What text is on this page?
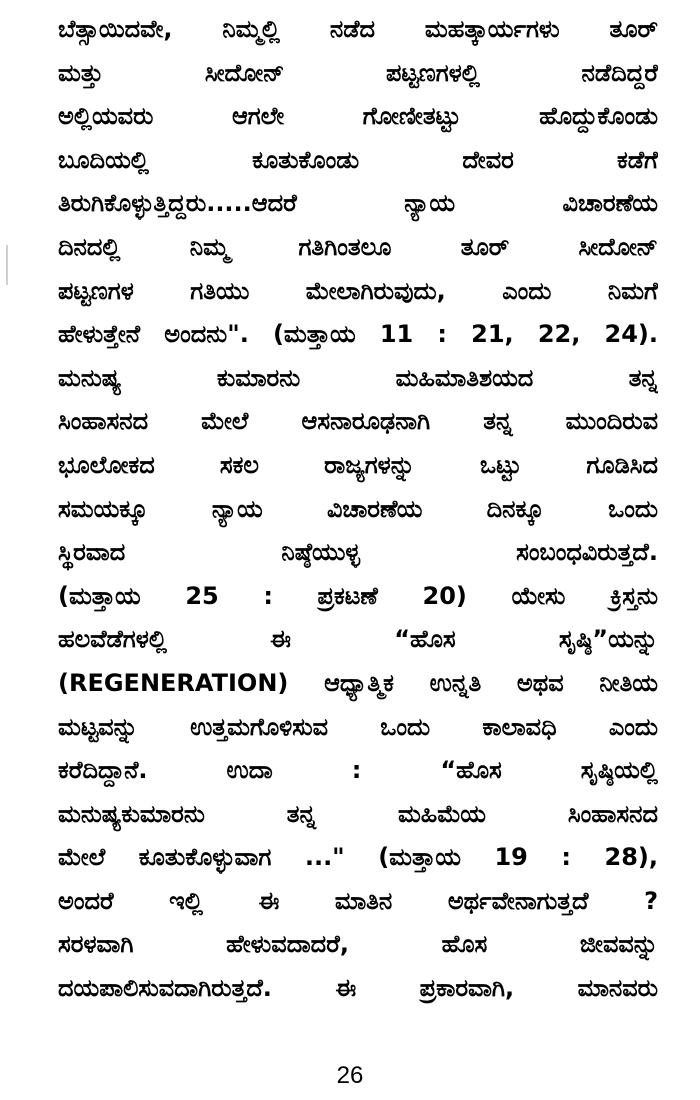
ಬೆತ್ಸಾಯಿದವೇ, ನಿಮ್ಮಲ್ಲಿ ನಡೆದ ಮಹತ್ಕಾರ್ಯಗಳು ತೂರ್
ಮತ್ತು ಸೀದೋನ್ ಪಟ್ಟಣಗಳಲ್ಲಿ ನಡೆದಿದ್ದರೆ
ಅಲ್ಲಿಯವರು ಆಗಲೇ ಗೋಣೀತಟ್ಟು ಹೊದ್ದುಕೊಂಡು
ಬೂದಿಯಲ್ಲಿ ಕೂತುಕೊಂಡು ದೇವರ ಕಡೆಗೆ
ತಿರುಗಿಕೊಳ್ಳುತ್ತಿದ್ದರು.....ಆದರೆ ನ್ಯಾಯ ವಿಚಾರಣೆಯ
ದಿನದಲ್ಲಿ ನಿಮ್ಮ ಗತಿಗಿಂತಲೂ ತೂರ್ ಸೀದೋನ್
ಪಟ್ಟಣಗಳ ಗತಿಯು ಮೇಲಾಗಿರುವುದು, ಎಂದು ನಿಮಗೆ
ಹೇಳುತ್ತೇನೆ ಅಂದನು". (ಮತ್ತಾಯ 11 : 21, 22, 24).
ಮನುಷ್ಯ ಕುಮಾರನು ಮಹಿಮಾತಿಶಯದ ತನ್ನ
ಸಿಂಹಾಸನದ ಮೇಲೆ ಆಸನಾರೂಢನಾಗಿ ತನ್ನ ಮುಂದಿರುವ
ಭೂಲೋಕದ ಸಕಲ ರಾಜ್ಯಗಳನ್ನು ಒಟ್ಟು ಗೂಡಿಸಿದ
ಸಮಯಕ್ಕೂ ನ್ಯಾಯ ವಿಚಾರಣೆಯ ದಿನಕ್ಕೂ ಒಂದು
ಸ್ಥಿರವಾದ ನಿಷ್ಠೆಯುಳ್ಳ ಸಂಬಂಧವಿರುತ್ತದೆ.
(ಮತ್ತಾಯ 25 : ಪ್ರಕಟಣೆ 20) ಯೇಸು ಕ್ರಿಸ್ತನು
ಹಲವೆಡೆಗಳಲ್ಲಿ ಈ “ಹೊಸ ಸೃಷ್ಠಿ”ಯನ್ನು
(REGENERATION) ಆಧ್ಯಾತ್ಮಿಕ ಉನ್ನತಿ ಅಥವ ನೀತಿಯ
ಮಟ್ಟವನ್ನು ಉತ್ತಮಗೊಳಿಸುವ ಒಂದು ಕಾಲಾವಧಿ ಎಂದು
ಕರೆದಿದ್ದಾನೆ. ಉದಾ : “ಹೊಸ ಸೃಷ್ಠಿಯಲ್ಲಿ
ಮನುಷ್ಯಕುಮಾರನು ತನ್ನ ಮಹಿಮೆಯ ಸಿಂಹಾಸನದ
ಮೇಲೆ ಕೂತುಕೊಳ್ಳುವಾಗ ..." (ಮತ್ತಾಯ 19 : 28),
ಅಂದರೆ ಇಲ್ಲಿ ಈ ಮಾತಿನ ಅರ್ಥವೇನಾಗುತ್ತದೆ ?
ಸರಳವಾಗಿ ಹೇಳುವದಾದರೆ, ಹೊಸ ಜೀವವನ್ನು
ದಯಪಾಲಿಸುವದಾಗಿರುತ್ತದೆ. ಈ ಪ್ರಕಾರವಾಗಿ, ಮಾನವರು
26
